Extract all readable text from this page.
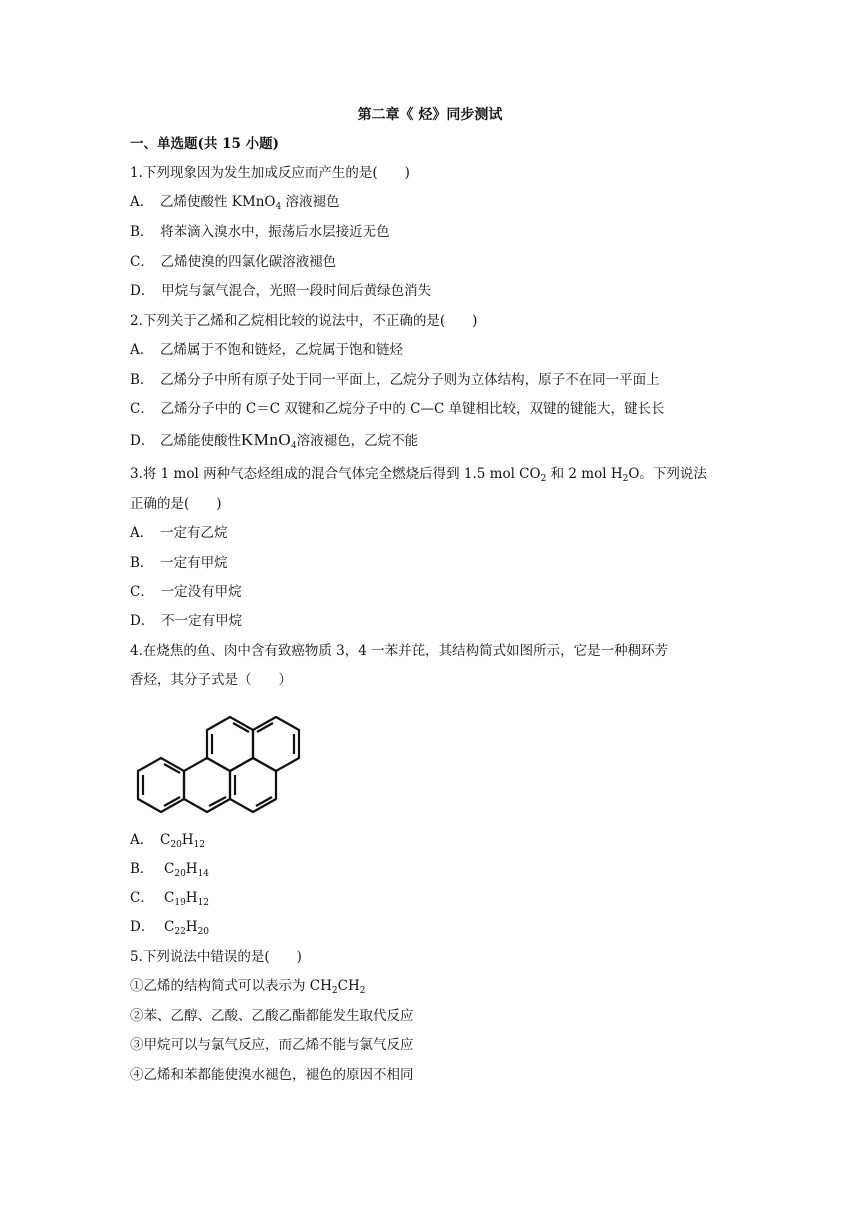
第二章《 烃》同步测试
一、单选题(共 15 小题)
1.下列现象因为发生加成反应而产生的是(　　)
A． 乙烯使酸性 KMnO$_4$ 溶液褪色
B．　将苯滴入溴水中，振荡后水层接近无色
C．　乙烯使溴的四氯化碳溶液褪色
D．　甲烷与氯气混合，光照一段时间后黄绿色消失
2.下列关于乙烯和乙烷相比较的说法中，不正确的是(　　)
A．　乙烯属于不饱和链烃，乙烷属于饱和链烃
B．　乙烯分子中所有原子处于同一平面上，乙烷分子则为立体结构，原子不在同一平面上
C．　乙烯分子中的 C＝C 双键和乙烷分子中的 C—C 单键相比较，双键的键能大，键长长
D． 乙烯能使酸性KMnO$_4$溶液褪色，乙烷不能
3.将 1 mol 两种气态烃组成的混合气体完全燃烧后得到 1.5 mol $CO_2$ 和 2 mol $H_2O$。下列说法
正确的是(　　)
A．　一定有乙烷
B．　一定有甲烷
C．　一定没有甲烷
D．　不一定有甲烷
4.在烧焦的鱼、肉中含有致癌物质 3，4 一苯并芘，其结构简式如图所示，它是一种稠环芳
香烃，其分子式是（　　）
A． $C_{20}H_{12}$
B． $C_{20}H_{14}$
C． $C_{19}H_{12}$
D． $C_{22}H_{20}$
5.下列说法中错误的是(　　)
①乙烯的结构简式可以表示为 $CH_2CH_2$
②苯、乙醇、乙酸、乙酸乙酯都能发生取代反应
③甲烷可以与氯气反应，而乙烯不能与氯气反应
④乙烯和苯都能使溴水褪色，褪色的原因不相同
